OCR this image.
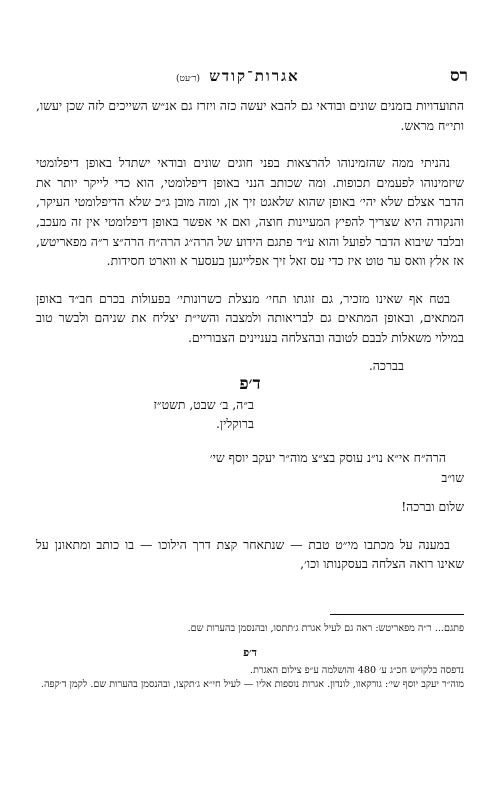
רס
אגרות־קודש (ר׳עט)

התועדויות בזמנים שונים ובודאי גם להבא יעשה כזה ויזרז גם אנ״ש השייכים לזה שכן יעשו, ותי״ח מראש.

נהניתי ממה שהזמינוהו להרצאות בפני חוגים שונים ובודאי ישתדל באופן דיפלומטי שיזמינוהו לפעמים תכופות. ומה שכותב הנני באופן דיפלומטי, הוא כדי לייקר יותר את הדבר אצלם שלא יהי׳ באופן שהוא שלאגט זיך אן, ומזה מובן ג״כ שלא הדיפלומטי העיקר, והנקודה היא שצריך להפיץ המעיינות חוצה, ואם אי אפשר באופן דיפלומטי אין זה מעכב, ובלבד שיבוא הדבר לפועל והוא ע״ד פתגם הידוע של הרה״ג הרה״ח הרה״צ ר״ה מפאריטש, אז אלץ וואס ער טוט איז כדי עס זאל זיך אפלייגען בעסער א ווארט חסידות.

בטח אף שאינו מזכיר, גם זוגתו תחי׳ מנצלת כשרונותי׳ בפעולות בכרם חב״ד באופן המתאים, ובאופן המתאים גם לבריאותה ולמצבה והשי״ת יצליח את שניהם ולבשר טוב במילוי משאלות לבבם לטובה ובהצלחה בעניינים הצבוריים.

בברכה.

ד׳פ

ב״ה, ב׳ שבט, תשט״ז

ברוקלין.

הרה״ח אי״א נו״נ עוסק בצ״צ מוה״ר יעקב יוסף שי׳

שו״ב

שלום וברכה!

במענה על מכתבו מי״ט טבת — שנתאחר קצת דרך הילוכו — בו כותב ומתאונן על שאינו רואה הצלחה בעסקנותו וכו׳,

פתגם... ר״ה מפאריטש: ראה גם לעיל אגרת ג׳תתסו, ובהנסמן בהערות שם.

ד׳פ

נדפסה בלקו״ש חכ״ג ע׳ 480 והושלמה ע״פ צילום האגרת.

מוה״ר יעקב יוסף שי׳: גורקאוו, לונדון. אגרות נוספות אליו — לעיל חי״א ג׳תקצו, ובהנסמן בהערות שם. לקמן ד׳קפה.
